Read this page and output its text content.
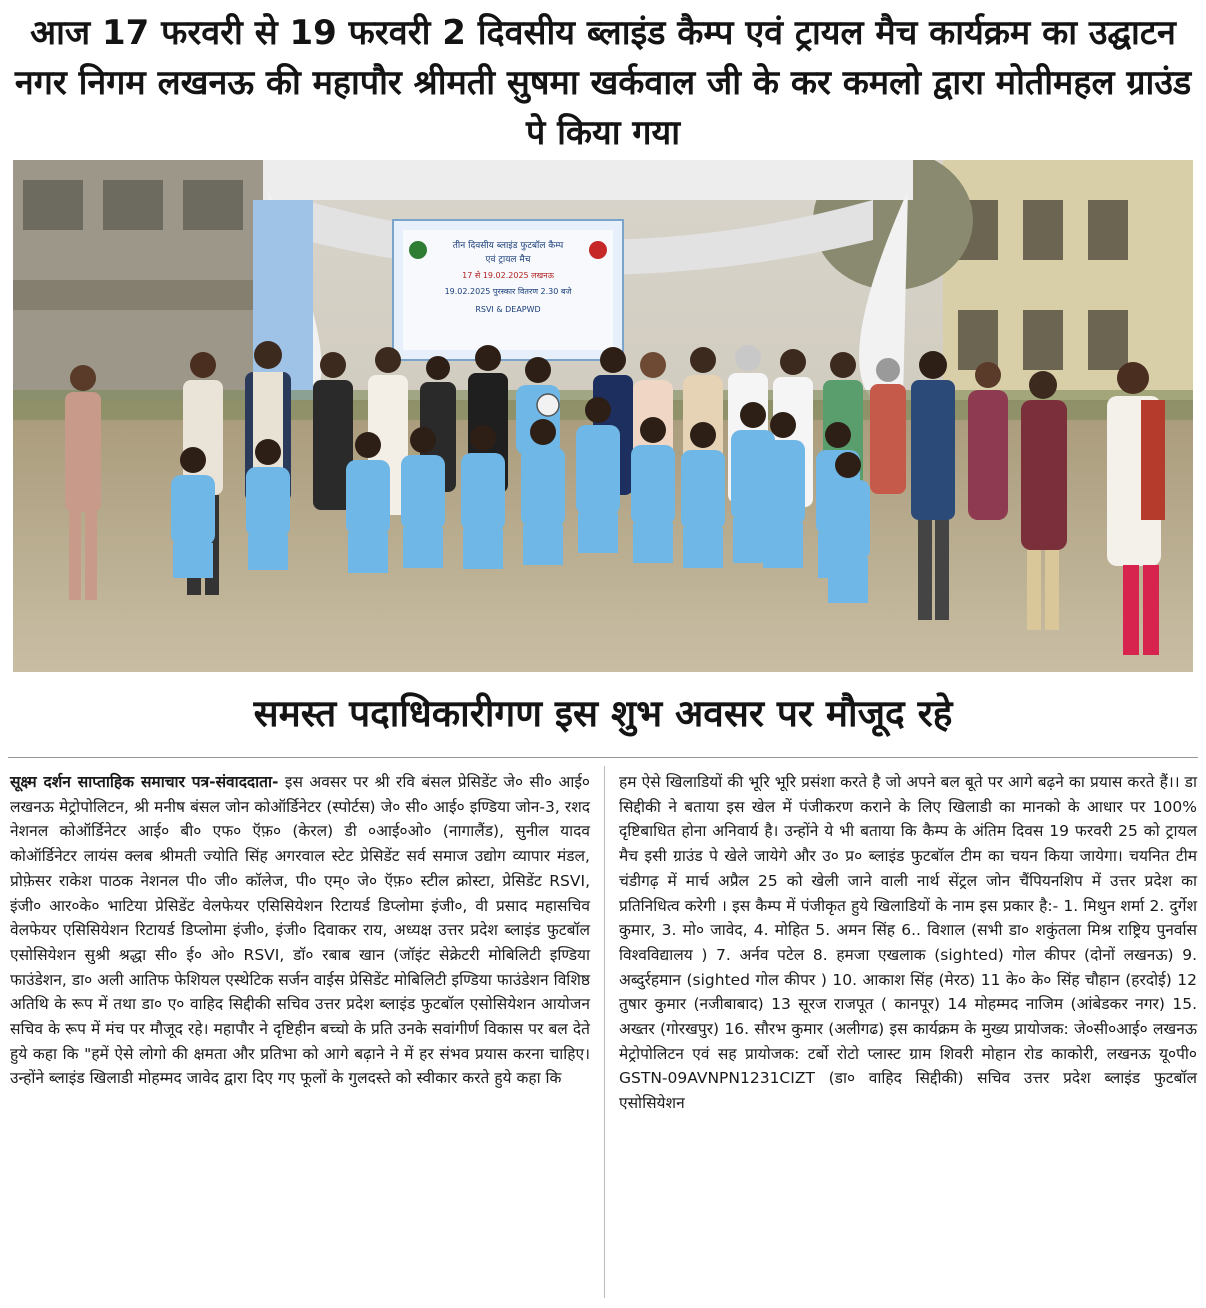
आज 17 फरवरी से 19 फरवरी 2 दिवसीय ब्लाइंड कैम्प एवं ट्रायल मैच कार्यक्रम का उद्घाटन नगर निगम लखनऊ की महापौर श्रीमती सुषमा खर्कवाल जी के कर कमलो द्वारा मोतीमहल ग्राउंड पे किया गया
तीन दिवसीय ब्लाइंड फुटबॉल कैम्प
एवं ट्रायल मैच
17 से 19.02.2025 लखनऊ
19.02.2025 पुरस्कार वितरण 2.30 बजे
RSVI & DEAPWD
समस्त पदाधिकारीगण इस शुभ अवसर पर मौजूद रहे
सूक्ष्म दर्शन साप्ताहिक समाचार पत्र-संवाददाता- इस अवसर पर श्री रवि बंसल प्रेसिडेंट जे० सी० आई० लखनऊ मेट्रोपोलिटन, श्री मनीष बंसल जोन कोऑर्डिनेटर (स्पोर्टस) जे० सी० आई० इण्डिया जोन-3, रशद नेशनल कोऑर्डिनेटर आई० बी० एफ० ऍफ़० (केरल) डी ०आई०ओ० (नागालैंड), सुनील यादव कोऑर्डिनेटर लायंस क्लब श्रीमती ज्योति सिंह अगरवाल स्टेट प्रेसिडेंट सर्व समाज उद्योग व्यापार मंडल, प्रोफ़ेसर राकेश पाठक नेशनल पी० जी० कॉलेज, पी० एम्० जे० ऍफ़० स्टील क्रोस्टा, प्रेसिडेंट RSVI, इंजी० आर०के० भाटिया प्रेसिडेंट वेलफेयर एसिसियेशन रिटायर्ड डिप्लोमा इंजी०, वी प्रसाद महासचिव वेलफेयर एसिसियेशन रिटायर्ड डिप्लोमा इंजी०, इंजी० दिवाकर राय, अध्यक्ष उत्तर प्रदेश ब्लाइंड फुटबॉल एसोसियेशन सुश्री श्रद्धा सी० ई० ओ० RSVI, डॉ० रबाब खान (जॉइंट सेक्रेटरी मोबिलिटी इण्डिया फाउंडेशन, डा० अली आतिफ फेशियल एस्थेटिक सर्जन वाईस प्रेसिडेंट मोबिलिटी इण्डिया फाउंडेशन विशिष्ठ अतिथि के रूप में तथा डा० ए० वाहिद सिद्दीकी सचिव उत्तर प्रदेश ब्लाइंड फुटबॉल एसोसियेशन आयोजन सचिव के रूप में मंच पर मौजूद रहे। महापौर ने दृष्टिहीन बच्चो के प्रति उनके सवांगीर्ण विकास पर बल देते हुये कहा कि "हमें ऐसे लोगो की क्षमता और प्रतिभा को आगे बढ़ाने ने में हर संभव प्रयास करना चाहिए। उन्होंने ब्लाइंड खिलाडी मोहम्मद जावेद द्वारा दिए गए फूलों के गुलदस्ते को स्वीकार करते हुये कहा कि
हम ऐसे खिलाडियों की भूरि भूरि प्रसंशा करते है जो अपने बल बूते पर आगे बढ़ने का प्रयास करते हैं।। डा सिद्दीकी ने बताया इस खेल में पंजीकरण कराने के लिए खिलाडी का मानको के आधार पर 100% दृष्टिबाधित होना अनिवार्य है। उन्होंने ये भी बताया कि कैम्प के अंतिम दिवस 19 फरवरी 25 को ट्रायल मैच इसी ग्राउंड पे खेले जायेगे और उ० प्र० ब्लाइंड फुटबॉल टीम का चयन किया जायेगा। चयनित टीम चंडीगढ़ में मार्च अप्रैल 25 को खेली जाने वाली नार्थ सेंट्रल जोन चैंपियनशिप में उत्तर प्रदेश का प्रतिनिधित्व करेगी । इस कैम्प में पंजीकृत हुये खिलाडियों के नाम इस प्रकार है:- 1. मिथुन शर्मा 2. दुर्गेश कुमार, 3. मो० जावेद, 4. मोहित 5. अमन सिंह 6.. विशाल (सभी डा० शकुंतला मिश्र राष्ट्रिय पुनर्वास विश्वविद्यालय ) 7. अर्नव पटेल 8. हमजा एखलाक (sighted) गोल कीपर (दोनों लखनऊ) 9. अब्दुर्रहमान (sighted गोल कीपर ) 10. आकाश सिंह (मेरठ) 11 के० के० सिंह चौहान (हरदोई) 12 तुषार कुमार (नजीबाबाद) 13 सूरज राजपूत ( कानपूर) 14 मोहम्मद नाजिम (आंबेडकर नगर) 15. अख्तर (गोरखपुर) 16. सौरभ कुमार (अलीगढ) इस कार्यक्रम के मुख्य प्रायोजक: जे०सी०आई० लखनऊ मेट्रोपोलिटन एवं सह प्रायोजक: टर्बो रोटो प्लास्ट ग्राम शिवरी मोहान रोड काकोरी, लखनऊ यू०पी० GSTN-09AVNPN1231CIZT (डा० वाहिद सिद्दीकी) सचिव उत्तर प्रदेश ब्लाइंड फुटबॉल एसोसियेशन
